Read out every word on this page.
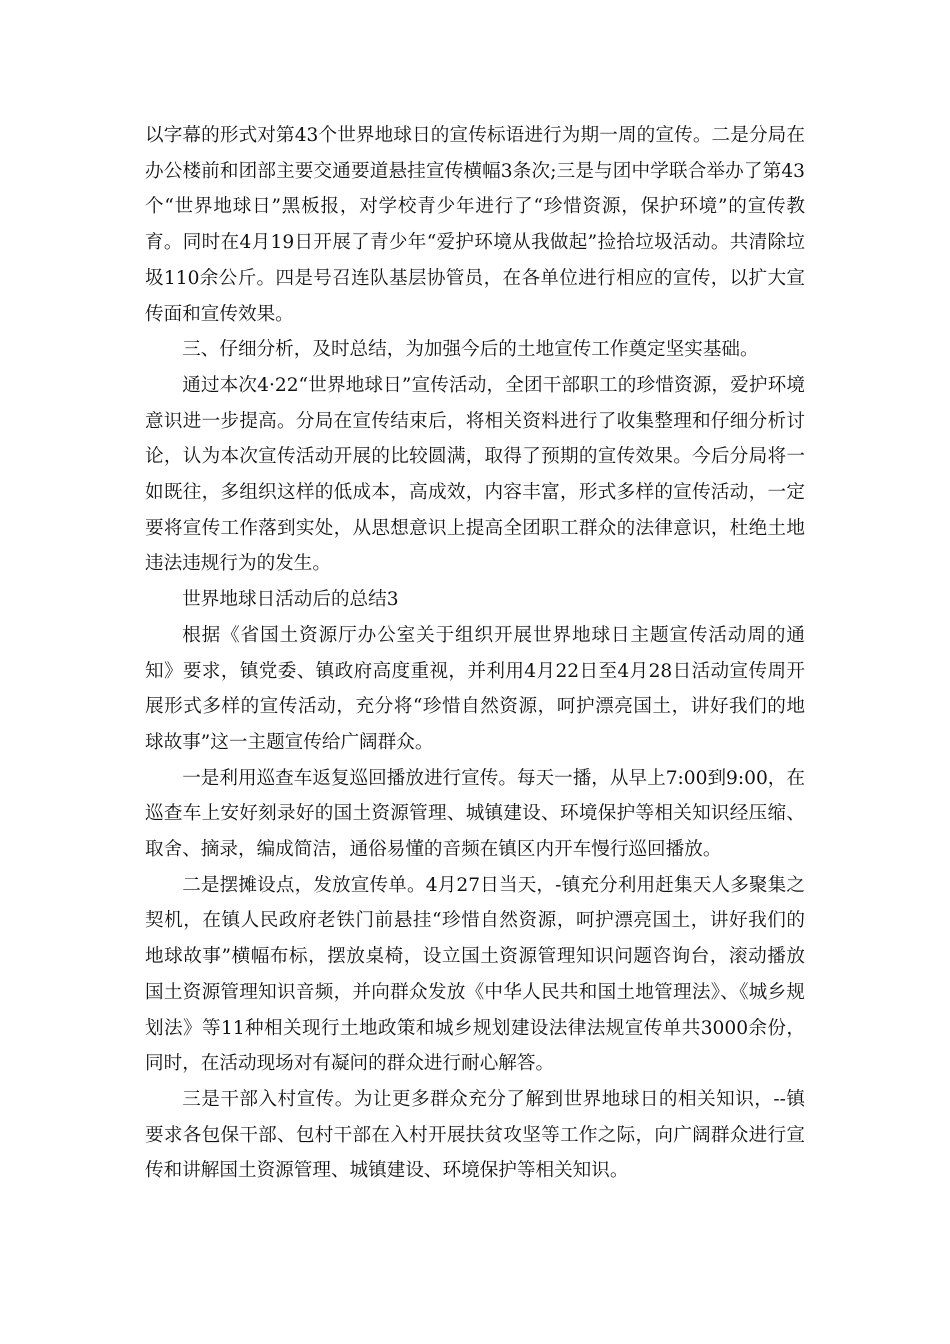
以字幕的形式对第43个世界地球日的宣传标语进行为期一周的宣传。二是分局在办公楼前和团部主要交通要道悬挂宣传横幅3条次;三是与团中学联合举办了第43个“世界地球日”黑板报，对学校青少年进行了“珍惜资源，保护环境”的宣传教育。同时在4月19日开展了青少年“爱护环境从我做起”捡拾垃圾活动。共清除垃圾110余公斤。四是号召连队基层协管员，在各单位进行相应的宣传，以扩大宣传面和宣传效果。

三、仔细分析，及时总结，为加强今后的土地宣传工作奠定坚实基础。

通过本次4·22“世界地球日”宣传活动，全团干部职工的珍惜资源，爱护环境意识进一步提高。分局在宣传结束后，将相关资料进行了收集整理和仔细分析讨论，认为本次宣传活动开展的比较圆满，取得了预期的宣传效果。今后分局将一如既往，多组织这样的低成本，高成效，内容丰富，形式多样的宣传活动，一定要将宣传工作落到实处，从思想意识上提高全团职工群众的法律意识，杜绝土地违法违规行为的发生。

世界地球日活动后的总结3

根据《省国土资源厅办公室关于组织开展世界地球日主题宣传活动周的通知》要求，镇党委、镇政府高度重视，并利用4月22日至4月28日活动宣传周开展形式多样的宣传活动，充分将“珍惜自然资源，呵护漂亮国土，讲好我们的地球故事”这一主题宣传给广阔群众。

一是利用巡查车返复巡回播放进行宣传。每天一播，从早上7:00到9:00，在巡查车上安好刻录好的国土资源管理、城镇建设、环境保护等相关知识经压缩、取舍、摘录，编成简洁，通俗易懂的音频在镇区内开车慢行巡回播放。

二是摆摊设点，发放宣传单。4月27日当天，-镇充分利用赶集天人多聚集之契机，在镇人民政府老铁门前悬挂“珍惜自然资源，呵护漂亮国土，讲好我们的地球故事”横幅布标，摆放桌椅，设立国土资源管理知识问题咨询台，滚动播放国土资源管理知识音频，并向群众发放《中华人民共和国土地管理法》、《城乡规划法》等11种相关现行土地政策和城乡规划建设法律法规宣传单共3000余份，同时，在活动现场对有凝问的群众进行耐心解答。

三是干部入村宣传。为让更多群众充分了解到世界地球日的相关知识，--镇要求各包保干部、包村干部在入村开展扶贫攻坚等工作之际，向广阔群众进行宣传和讲解国土资源管理、城镇建设、环境保护等相关知识。
